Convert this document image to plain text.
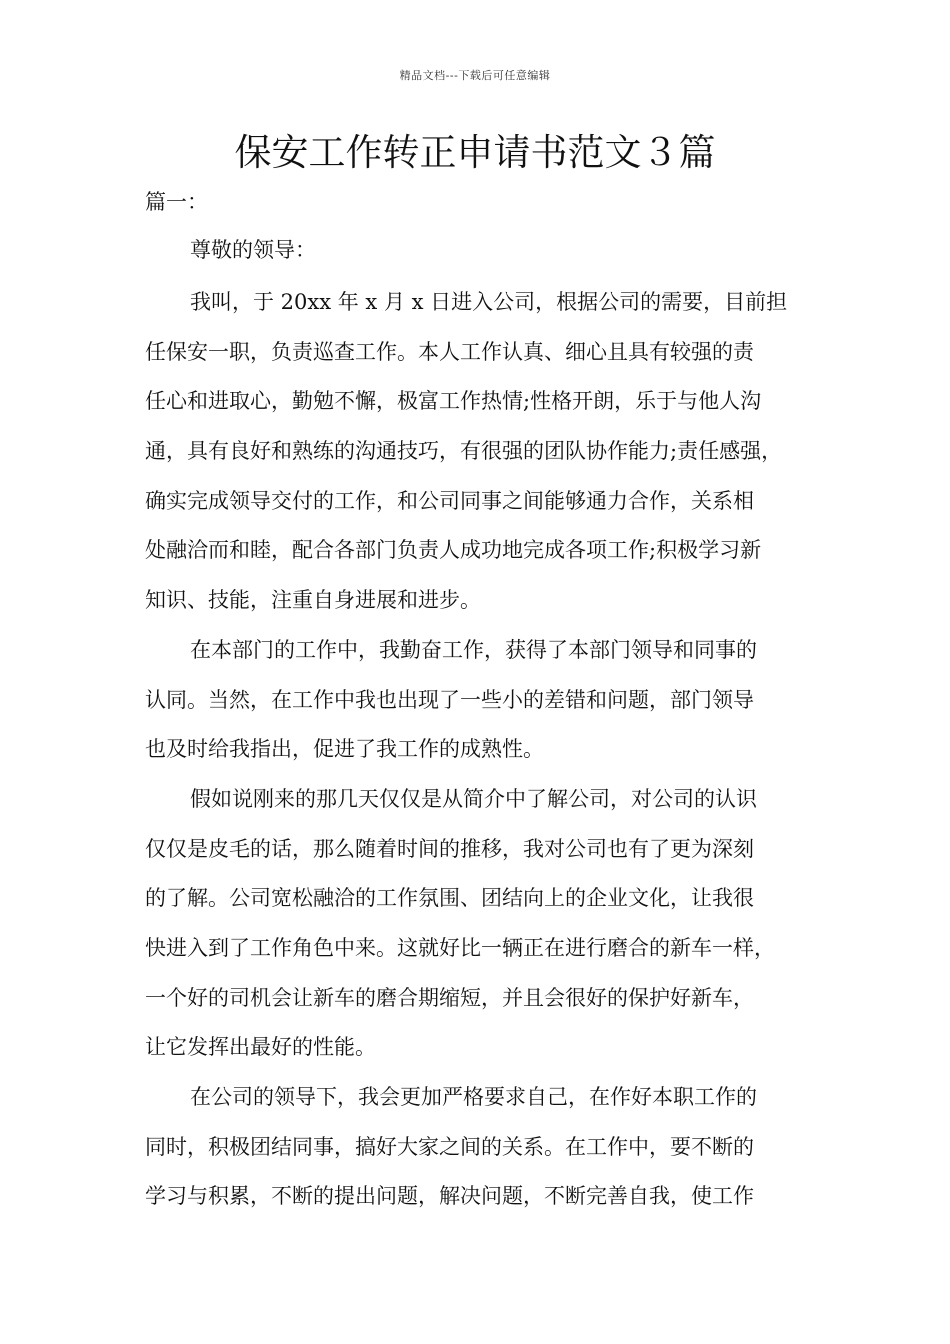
精品文档---下载后可任意编辑
保安工作转正申请书范文３篇
篇一：
尊敬的领导：
我叫，于 20xx 年 x 月 x 日进入公司，根据公司的需要，目前担
任保安一职，负责巡查工作。本人工作认真、细心且具有较强的责
任心和进取心，勤勉不懈，极富工作热情;性格开朗，乐于与他人沟
通，具有良好和熟练的沟通技巧，有很强的团队协作能力;责任感强，
确实完成领导交付的工作，和公司同事之间能够通力合作，关系相
处融洽而和睦，配合各部门负责人成功地完成各项工作;积极学习新
知识、技能，注重自身进展和进步。
在本部门的工作中，我勤奋工作，获得了本部门领导和同事的
认同。当然，在工作中我也出现了一些小的差错和问题，部门领导
也及时给我指出，促进了我工作的成熟性。
假如说刚来的那几天仅仅是从简介中了解公司，对公司的认识
仅仅是皮毛的话，那么随着时间的推移，我对公司也有了更为深刻
的了解。公司宽松融洽的工作氛围、团结向上的企业文化，让我很
快进入到了工作角色中来。这就好比一辆正在进行磨合的新车一样，
一个好的司机会让新车的磨合期缩短，并且会很好的保护好新车，
让它发挥出最好的性能。
在公司的领导下，我会更加严格要求自己，在作好本职工作的
同时，积极团结同事，搞好大家之间的关系。在工作中，要不断的
学习与积累，不断的提出问题，解决问题，不断完善自我，使工作
